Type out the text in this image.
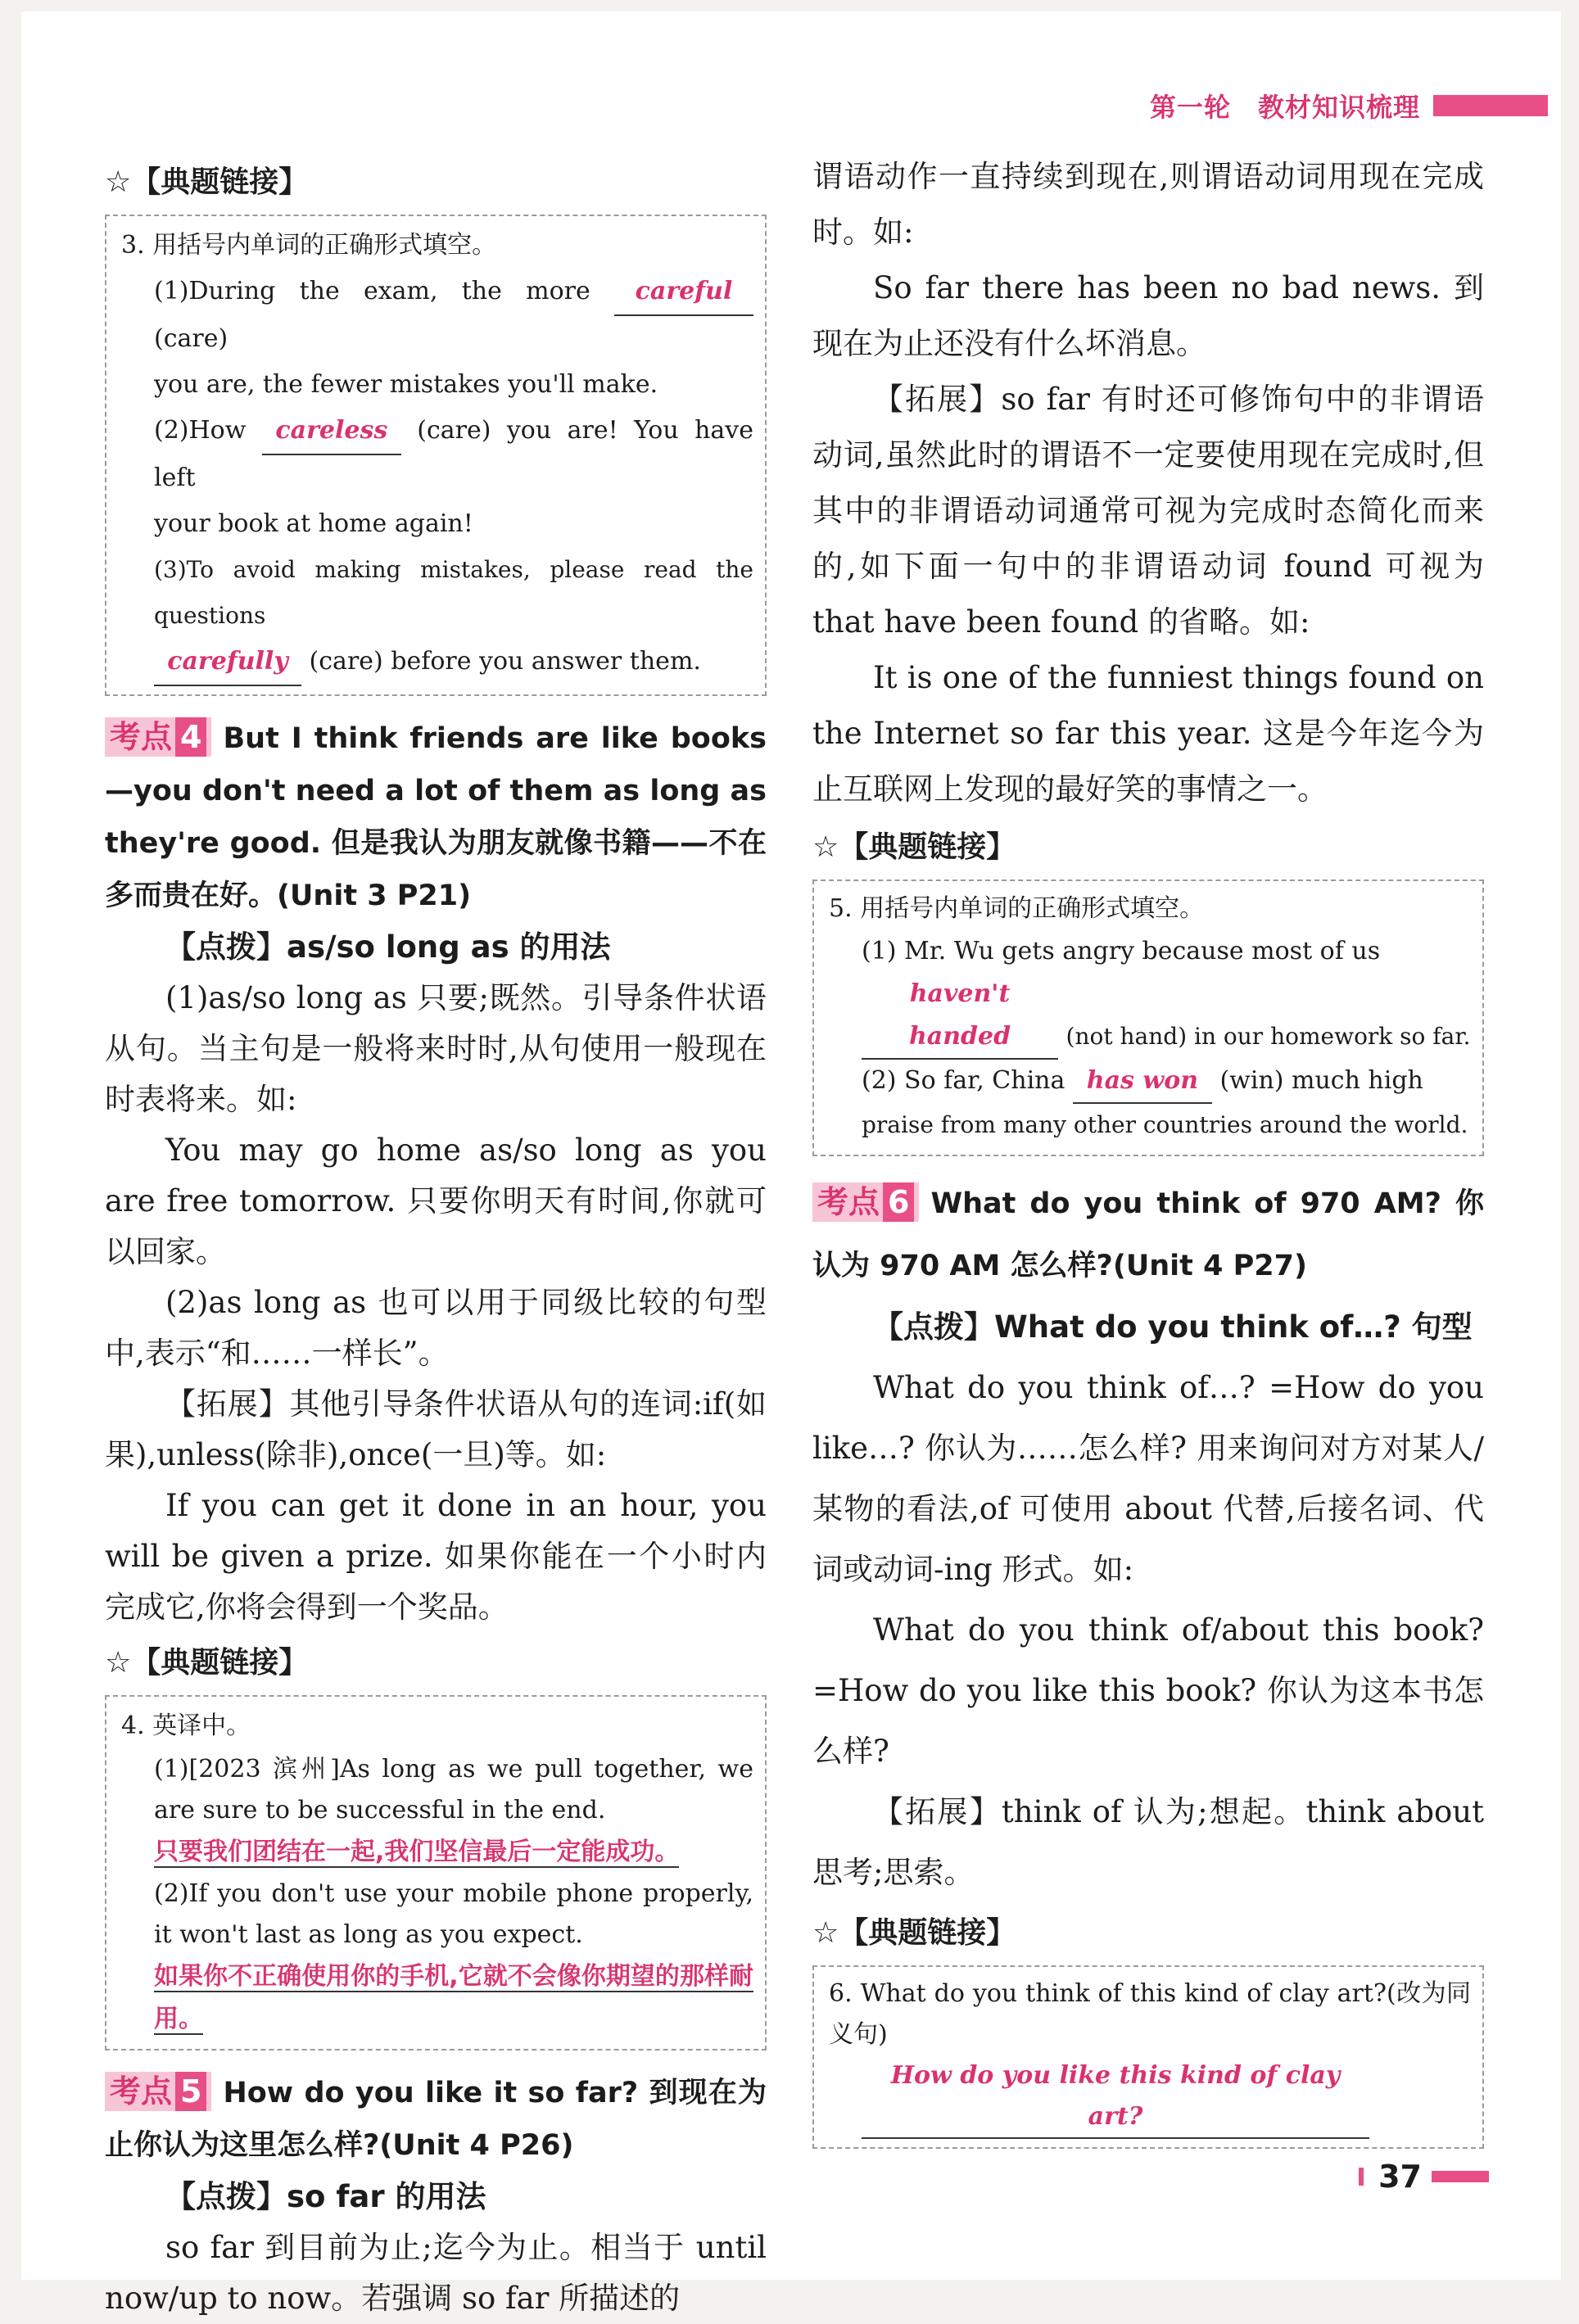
第一轮　教材知识梳理
☆【典题链接】
3. 用括号内单词的正确形式填空。
(1)During the exam, the more careful (care)
you are, the fewer mistakes you'll make.
(2)How careless (care) you are! You have left
your book at home again!
(3)To avoid making mistakes, please read the questions
carefully (care) before you answer them.
考点 4 But I think friends are like books—you don't need a lot of them as long as they're good. 但是我认为朋友就像书籍——不在多而贵在好。(Unit 3 P21)

【点拨】as/so long as 的用法

(1)as/so long as 只要;既然。引导条件状语从句。当主句是一般将来时时,从句使用一般现在时表将来。如:

You may go home as/so long as you are free tomorrow. 只要你明天有时间,你就可以回家。

(2)as long as 也可以用于同级比较的句型中,表示“和……一样长”。

【拓展】其他引导条件状语从句的连词:if(如果),unless(除非),once(一旦)等。如:

If you can get it done in an hour, you will be given a prize. 如果你能在一个小时内完成它,你将会得到一个奖品。

☆【典题链接】
4. 英译中。
(1)[2023 滨州]As long as we pull together, we are sure to be successful in the end.
只要我们团结在一起,我们坚信最后一定能成功。
(2)If you don't use your mobile phone properly, it won't last as long as you expect.
如果你不正确使用你的手机,它就不会像你期望的那样耐用。
考点 5 How do you like it so far? 到现在为止你认为这里怎么样?(Unit 4 P26)

【点拨】so far 的用法

so far 到目前为止;迄今为止。相当于 until now/up to now。若强调 so far 所描述的

谓语动作一直持续到现在,则谓语动词用现在完成时。如:

So far there has been no bad news. 到现在为止还没有什么坏消息。

【拓展】so far 有时还可修饰句中的非谓语动词,虽然此时的谓语不一定要使用现在完成时,但其中的非谓语动词通常可视为完成时态简化而来的,如下面一句中的非谓语动词 found 可视为 that have been found 的省略。如:

It is one of the funniest things found on the Internet so far this year. 这是今年迄今为止互联网上发现的最好笑的事情之一。

☆【典题链接】
5. 用括号内单词的正确形式填空。
(1) Mr. Wu gets angry because most of us
haven't handed (not hand) in our homework so far.
(2) So far, China has won (win) much high
praise from many other countries around the world.
考点 6 What do you think of 970 AM? 你认为 970 AM 怎么样?(Unit 4 P27)

【点拨】What do you think of…? 句型

What do you think of…? =How do you like…? 你认为……怎么样? 用来询问对方对某人/某物的看法,of 可使用 about 代替,后接名词、代词或动词-ing 形式。如:

What do you think of/about this book? =How do you like this book? 你认为这本书怎么样?

【拓展】think of 认为;想起。think about 思考;思索。

☆【典题链接】
6. What do you think of this kind of clay art?(改为同义句)
How do you like this kind of clay art?
37
